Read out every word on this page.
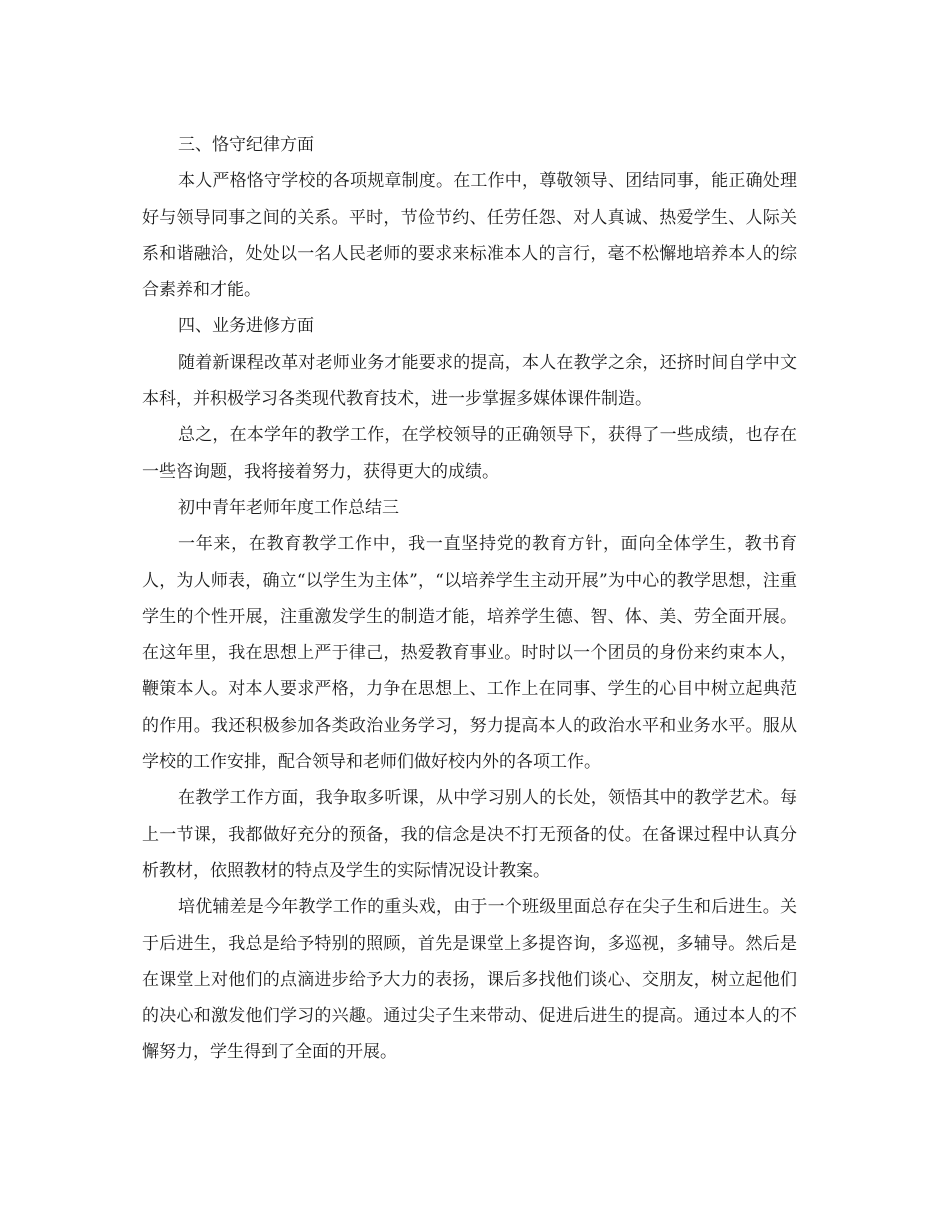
三、恪守纪律方面

本人严格恪守学校的各项规章制度。在工作中，尊敬领导、团结同事，能正确处理好与领导同事之间的关系。平时，节俭节约、任劳任怨、对人真诚、热爱学生、人际关系和谐融洽，处处以一名人民老师的要求来标准本人的言行，毫不松懈地培养本人的综合素养和才能。

四、业务进修方面

随着新课程改革对老师业务才能要求的提高，本人在教学之余，还挤时间自学中文本科，并积极学习各类现代教育技术，进一步掌握多媒体课件制造。

总之，在本学年的教学工作，在学校领导的正确领导下，获得了一些成绩，也存在一些咨询题，我将接着努力，获得更大的成绩。

初中青年老师年度工作总结三

一年来，在教育教学工作中，我一直坚持党的教育方针，面向全体学生，教书育人，为人师表，确立“以学生为主体”，“以培养学生主动开展”为中心的教学思想，注重学生的个性开展，注重激发学生的制造才能，培养学生德、智、体、美、劳全面开展。在这年里，我在思想上严于律己，热爱教育事业。时时以一个团员的身份来约束本人，鞭策本人。对本人要求严格，力争在思想上、工作上在同事、学生的心目中树立起典范的作用。我还积极参加各类政治业务学习，努力提高本人的政治水平和业务水平。服从学校的工作安排，配合领导和老师们做好校内外的各项工作。

在教学工作方面，我争取多听课，从中学习别人的长处，领悟其中的教学艺术。每上一节课，我都做好充分的预备，我的信念是决不打无预备的仗。在备课过程中认真分析教材，依照教材的特点及学生的实际情况设计教案。

培优辅差是今年教学工作的重头戏，由于一个班级里面总存在尖子生和后进生。关于后进生，我总是给予特别的照顾，首先是课堂上多提咨询，多巡视，多辅导。然后是在课堂上对他们的点滴进步给予大力的表扬，课后多找他们谈心、交朋友，树立起他们的决心和激发他们学习的兴趣。通过尖子生来带动、促进后进生的提高。通过本人的不懈努力，学生得到了全面的开展。
